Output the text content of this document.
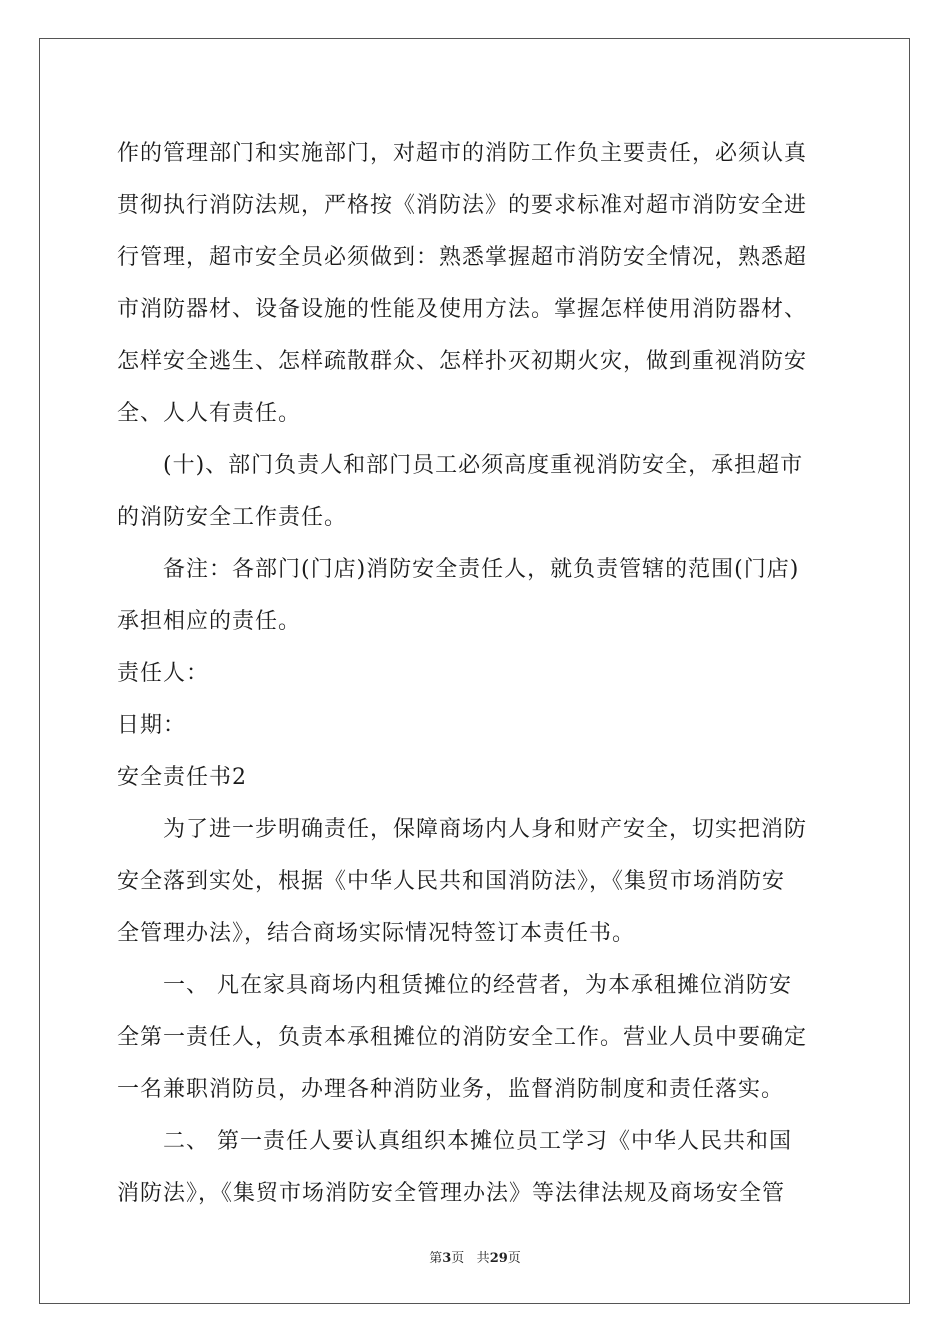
作的管理部门和实施部门，对超市的消防工作负主要责任，必须认真
贯彻执行消防法规，严格按《消防法》的要求标准对超市消防安全进
行管理，超市安全员必须做到：熟悉掌握超市消防安全情况，熟悉超
市消防器材、设备设施的性能及使用方法。掌握怎样使用消防器材、
怎样安全逃生、怎样疏散群众、怎样扑灭初期火灾，做到重视消防安
全、人人有责任。
　　(十)、部门负责人和部门员工必须高度重视消防安全，承担超市
的消防安全工作责任。
　　备注：各部门(门店)消防安全责任人，就负责管辖的范围(门店)
承担相应的责任。
责任人：
日期：
安全责任书2
　　为了进一步明确责任，保障商场内人身和财产安全，切实把消防
安全落到实处，根据《中华人民共和国消防法》，《集贸市场消防安
全管理办法》，结合商场实际情况特签订本责任书。
　　一、 凡在家具商场内租赁摊位的经营者，为本承租摊位消防安
全第一责任人，负责本承租摊位的消防安全工作。营业人员中要确定
一名兼职消防员，办理各种消防业务，监督消防制度和责任落实。
　　二、 第一责任人要认真组织本摊位员工学习《中华人民共和国
消防法》，《集贸市场消防安全管理办法》等法律法规及商场安全管
第3页 共29页
